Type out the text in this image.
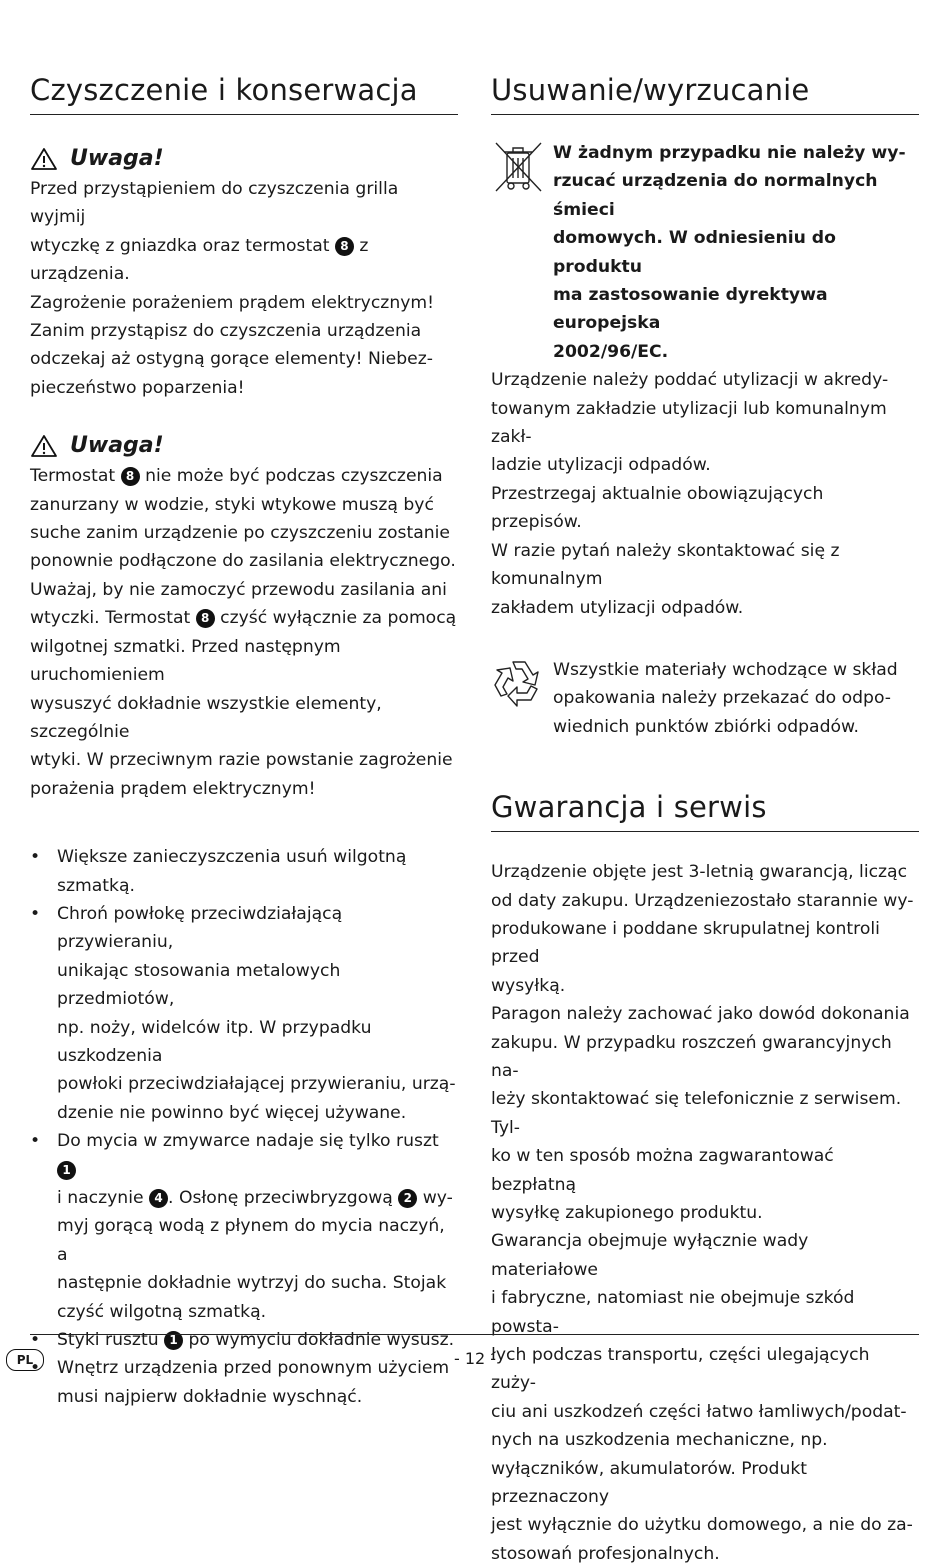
Czyszczenie i konserwacja
Uwaga!

Przed przystąpieniem do czyszczenia grilla wyjmij

wtyczkę z gniazdka oraz termostat 8 z urządzenia.

Zagrożenie porażeniem prądem elektrycznym!

Zanim przystąpisz do czyszczenia urządzenia

odczekaj aż ostygną gorące elementy! Niebez-

pieczeństwo poparzenia!

Uwaga!

Termostat 8 nie może być podczas czyszczenia

zanurzany w wodzie, styki wtykowe muszą być

suche zanim urządzenie po czyszczeniu zostanie

ponownie podłączone do zasilania elektrycznego.

Uważaj, by nie zamoczyć przewodu zasilania ani

wtyczki. Termostat 8 czyść wyłącznie za pomocą

wilgotnej szmatki. Przed następnym uruchomieniem

wysuszyć dokładnie wszystkie elementy, szczególnie

wtyki. W przeciwnym razie powstanie zagrożenie

porażenia prądem elektrycznym!

• Większe zanieczyszczenia usuń wilgotną szmatką.
• Chroń powłokę przeciwdziałającą przywieraniu,
unikając stosowania metalowych przedmiotów,
np. noży, widelców itp. W przypadku uszkodzenia
powłoki przeciwdziałającej przywieraniu, urzą-
dzenie nie powinno być więcej używane.
• Do mycia w zmywarce nadaje się tylko ruszt 1
i naczynie 4 . Osłonę przeciwbryzgową 2 wy-
myj gorącą wodą z płynem do mycia naczyń, a
następnie dokładnie wytrzyj do sucha. Stojak
czyść wilgotną szmatką.
• Styki rusztu 1 po wymyciu dokładnie wysusz.
• Wnętrz urządzenia przed ponownym użyciem
musi najpierw dokładnie wyschnąć.
Usuwanie/wyrzucanie

W żadnym przypadku nie należy wy-

rzucać urządzenia do normalnych śmieci

domowych. W odniesieniu do produktu

ma zastosowanie dyrektywa europejska

2002/96/EC.

Urządzenie należy poddać utylizacji w akredy-

towanym zakładzie utylizacji lub komunalnym zakł-

ladzie utylizacji odpadów.

Przestrzegaj aktualnie obowiązujących przepisów.

W razie pytań należy skontaktować się z komunalnym

zakładem utylizacji odpadów.

Wszystkie materiały wchodzące w skład

opakowania należy przekazać do odpo-

wiednich punktów zbiórki odpadów.

Gwarancja i serwis

Urządzenie objęte jest 3-letnią gwarancją, licząc

od daty zakupu. Urządzeniezostało starannie wy-

produkowane i poddane skrupulatnej kontroli przed

wysyłką.

Paragon należy zachować jako dowód dokonania

zakupu. W przypadku roszczeń gwarancyjnych na-

leży skontaktować się telefonicznie z serwisem. Tyl-

ko w ten sposób można zagwarantować bezpłatną

wysyłkę zakupionego produktu.

Gwarancja obejmuje wyłącznie wady materiałowe

i fabryczne, natomiast nie obejmuje szkód powsta-

łych podczas transportu, części ulegających zuży-

ciu ani uszkodzeń części łatwo łamliwych/podat-

nych na uszkodzenia mechaniczne, np.

wyłączników, akumulatorów. Produkt przeznaczony

jest wyłącznie do użytku domowego, a nie do za-

stosowań profesjonalnych.

PL	- 12 -
